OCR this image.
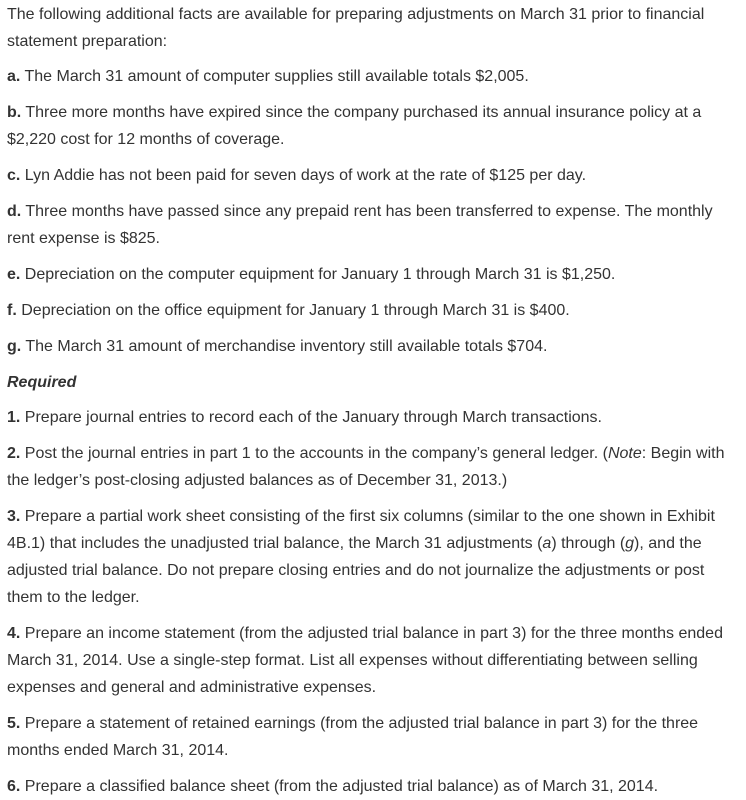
The following additional facts are available for preparing adjustments on March 31 prior to financial statement preparation:

a. The March 31 amount of computer supplies still available totals $2,005.

b. Three more months have expired since the company purchased its annual insurance policy at a $2,220 cost for 12 months of coverage.

c. Lyn Addie has not been paid for seven days of work at the rate of $125 per day.

d. Three months have passed since any prepaid rent has been transferred to expense. The monthly rent expense is $825.

e. Depreciation on the computer equipment for January 1 through March 31 is $1,250.

f. Depreciation on the office equipment for January 1 through March 31 is $400.

g. The March 31 amount of merchandise inventory still available totals $704.

Required

1. Prepare journal entries to record each of the January through March transactions.

2. Post the journal entries in part 1 to the accounts in the company’s general ledger. (Note: Begin with the ledger’s post-closing adjusted balances as of December 31, 2013.)

3. Prepare a partial work sheet consisting of the first six columns (similar to the one shown in Exhibit 4B.1) that includes the unadjusted trial balance, the March 31 adjustments (a) through (g), and the adjusted trial balance. Do not prepare closing entries and do not journalize the adjustments or post them to the ledger.

4. Prepare an income statement (from the adjusted trial balance in part 3) for the three months ended March 31, 2014. Use a single-step format. List all expenses without differentiating between selling expenses and general and administrative expenses.

5. Prepare a statement of retained earnings (from the adjusted trial balance in part 3) for the three months ended March 31, 2014.

6. Prepare a classified balance sheet (from the adjusted trial balance) as of March 31, 2014.
